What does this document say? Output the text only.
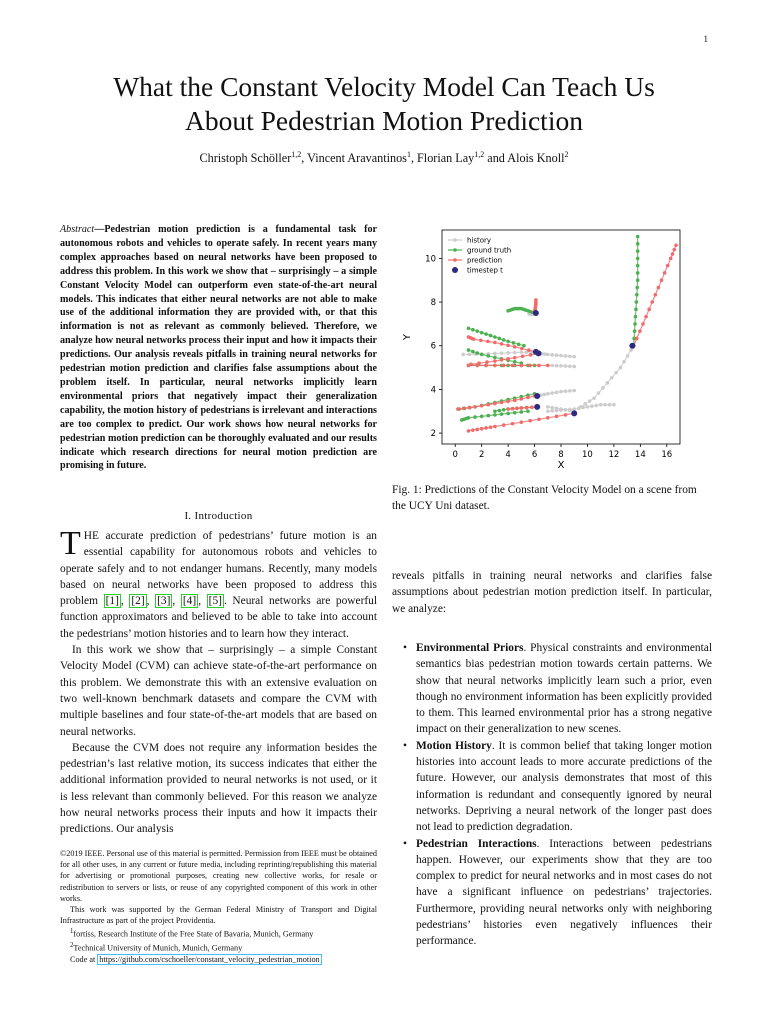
1
What the Constant Velocity Model Can Teach Us
About Pedestrian Motion Prediction
Christoph Schöller$^{1,2}$, Vincent Aravantinos$^1$, Florian Lay$^{1,2}$ and Alois Knoll$^2$
Abstract—Pedestrian motion prediction is a fundamental task for autonomous robots and vehicles to operate safely. In recent years many complex approaches based on neural networks have been proposed to address this problem. In this work we show that – surprisingly – a simple Constant Velocity Model can outperform even state-of-the-art neural models. This indicates that either neural networks are not able to make use of the additional information they are provided with, or that this information is not as relevant as commonly believed. Therefore, we analyze how neural networks process their input and how it impacts their predictions. Our analysis reveals pitfalls in training neural networks for pedestrian motion prediction and clarifies false assumptions about the problem itself. In particular, neural networks implicitly learn environmental priors that negatively impact their generalization capability, the motion history of pedestrians is irrelevant and interactions are too complex to predict. Our work shows how neural networks for pedestrian motion prediction can be thoroughly evaluated and our results indicate which research directions for neural motion prediction are promising in future.
I. Introduction

THE accurate prediction of pedestrians’ future motion is an essential capability for autonomous robots and vehicles to operate safely and to not endanger humans. Recently, many models based on neural networks have been proposed to address this problem [1] , [2] , [3] , [4] , [5] . Neural networks are powerful function approximators and believed to be able to take into account the pedestrians’ motion histories and to learn how they interact.

In this work we show that – surprisingly – a simple Constant Velocity Model (CVM) can achieve state-of-the-art performance on this problem. We demonstrate this with an extensive evaluation on two well-known benchmark datasets and compare the CVM with multiple baselines and four state-of-the-art models that are based on neural networks.

Because the CVM does not require any information besides the pedestrian’s last relative motion, its success indicates that either the additional information provided to neural networks is not used, or it is less relevant than commonly believed. For this reason we analyze how neural networks process their inputs and how it impacts their predictions. Our analysis

©2019 IEEE. Personal use of this material is permitted. Permission from IEEE must be obtained for all other uses, in any current or future media, including reprinting/republishing this material for advertising or promotional purposes, creating new collective works, for resale or redistribution to servers or lists, or reuse of any copyrighted component of this work in other works.

This work was supported by the German Federal Ministry of Transport and Digital Infrastructure as part of the project Providentia.

$^1$fortiss, Research Institute of the Free State of Bavaria, Munich, Germany

$^2$Technical University of Munich, Munich, Germany

Code at https://github.com/cschoeller/constant_velocity_pedestrian_motion

0 2 4 6 8 10 12 14 16
2
4
6
8
10
X
Y
history
ground truth
prediction
timestep t
Fig. 1: Predictions of the Constant Velocity Model on a scene from the UCY Uni dataset.

reveals pitfalls in training neural networks and clarifies false assumptions about pedestrian motion prediction itself. In particular, we analyze:

• Environmental Priors. Physical constraints and environmental semantics bias pedestrian motion towards certain patterns. We show that neural networks implicitly learn such a prior, even though no environment information has been explicitly provided to them. This learned environmental prior has a strong negative impact on their generalization to new scenes.
• Motion History. It is common belief that taking longer motion histories into account leads to more accurate predictions of the future. However, our analysis demonstrates that most of this information is redundant and consequently ignored by neural networks. Depriving a neural network of the longer past does not lead to prediction degradation.
• Pedestrian Interactions. Interactions between pedestrians happen. However, our experiments show that they are too complex to predict for neural networks and in most cases do not have a significant influence on pedestrians’ trajectories. Furthermore, providing neural networks only with neighboring pedestrians’ histories even negatively influences their performance.
